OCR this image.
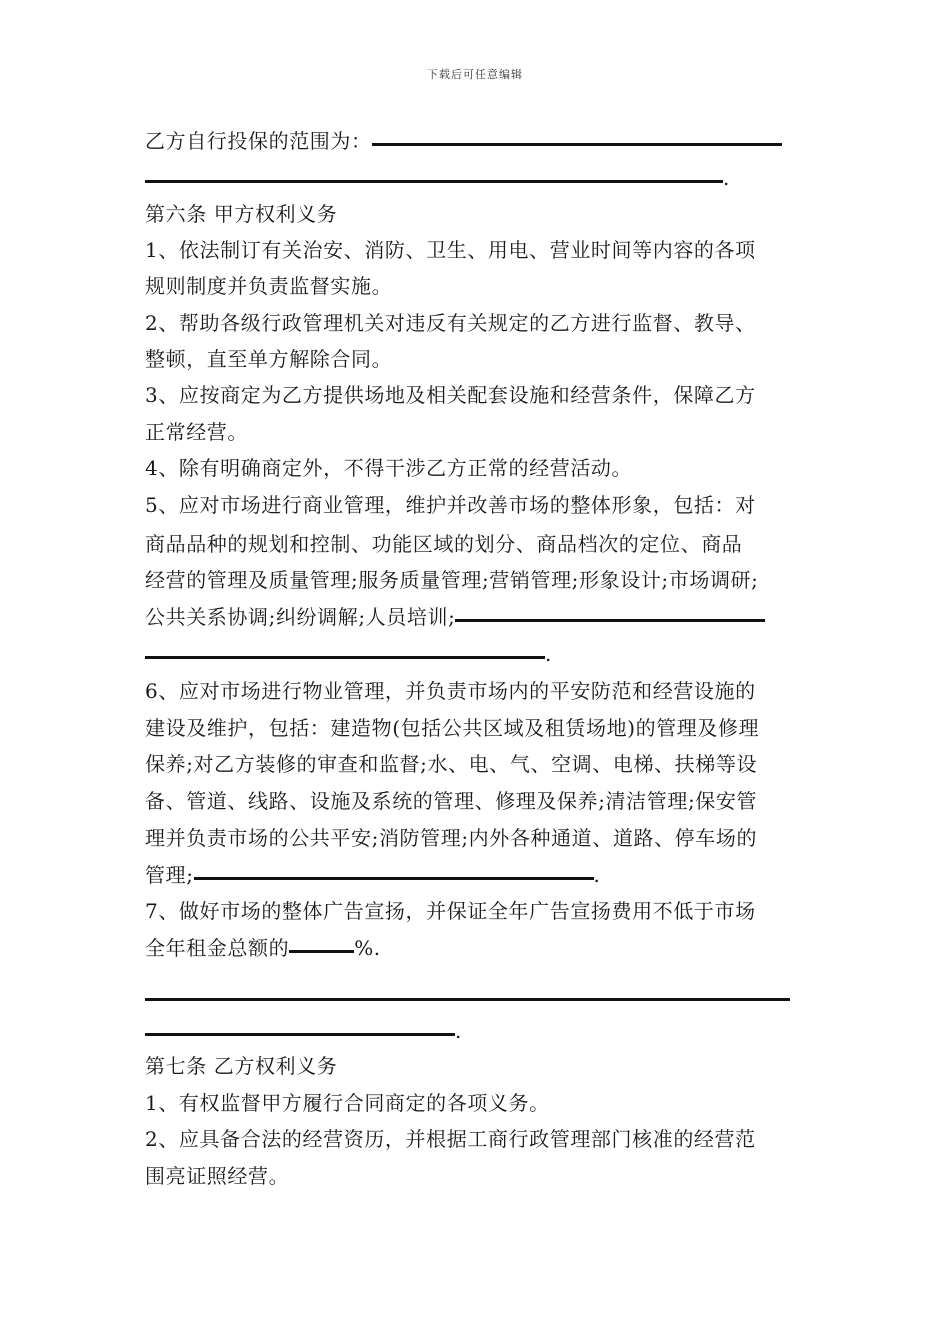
下载后可任意编辑
乙方自行投保的范围为：
.
第六条 甲方权利义务
1、依法制订有关治安、消防、卫生、用电、营业时间等内容的各项
规则制度并负责监督实施。
2、帮助各级行政管理机关对违反有关规定的乙方进行监督、教导、
整顿，直至单方解除合同。
3、应按商定为乙方提供场地及相关配套设施和经营条件，保障乙方
正常经营。
4、除有明确商定外，不得干涉乙方正常的经营活动。
5、应对市场进行商业管理，维护并改善市场的整体形象，包括：对
商品品种的规划和控制、功能区域的划分、商品档次的定位、商品
经营的管理及质量管理;服务质量管理;营销管理;形象设计;市场调研;
公共关系协调;纠纷调解;人员培训;
.
6、应对市场进行物业管理，并负责市场内的平安防范和经营设施的
建设及维护，包括：建造物(包括公共区域及租赁场地)的管理及修理
保养;对乙方装修的审查和监督;水、电、气、空调、电梯、扶梯等设
备、管道、线路、设施及系统的管理、修理及保养;清洁管理;保安管
理并负责市场的公共平安;消防管理;内外各种通道、道路、停车场的
管理;	.
7、做好市场的整体广告宣扬，并保证全年广告宣扬费用不低于市场
全年租金总额的	%.
.
第七条 乙方权利义务
1、有权监督甲方履行合同商定的各项义务。
2、应具备合法的经营资历，并根据工商行政管理部门核准的经营范
围亮证照经营。
